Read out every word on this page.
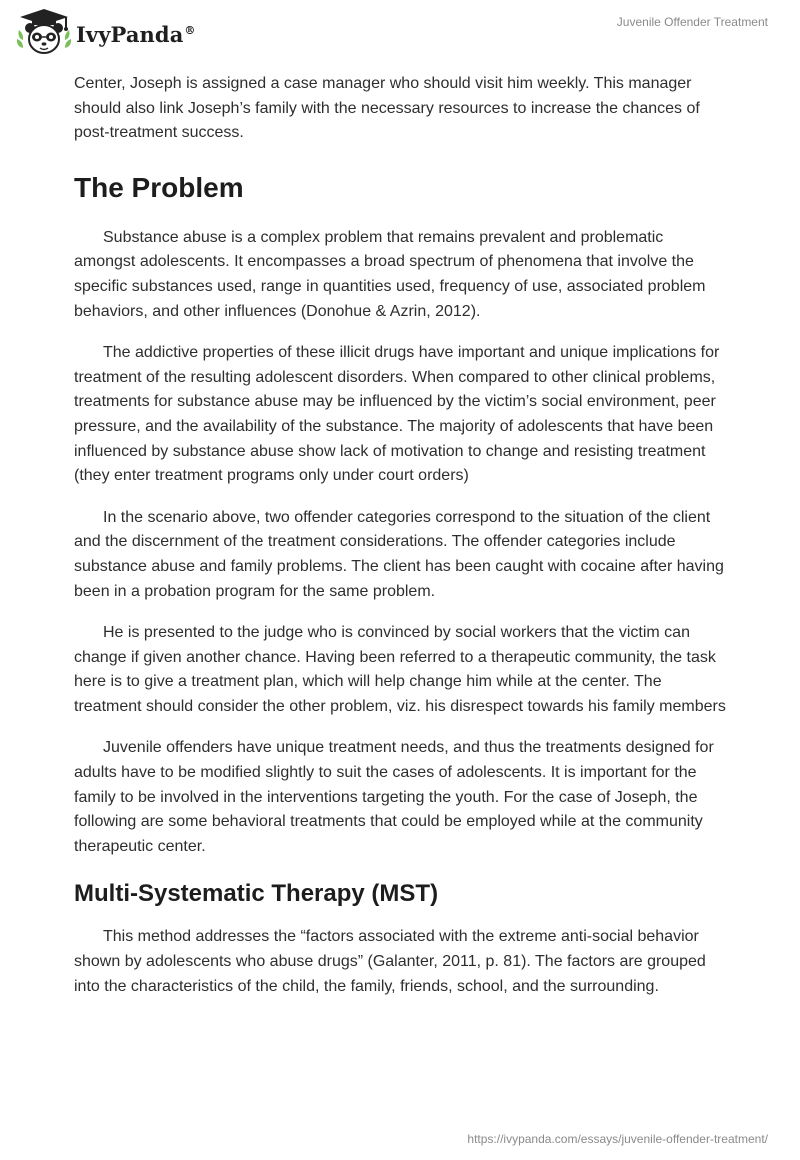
IvyPanda®
Juvenile Offender Treatment

Center, Joseph is assigned a case manager who should visit him weekly. This manager should also link Joseph’s family with the necessary resources to increase the chances of post-treatment success.

The Problem

Substance abuse is a complex problem that remains prevalent and problematic amongst adolescents. It encompasses a broad spectrum of phenomena that involve the specific substances used, range in quantities used, frequency of use, associated problem behaviors, and other influences (Donohue & Azrin, 2012).

The addictive properties of these illicit drugs have important and unique implications for treatment of the resulting adolescent disorders. When compared to other clinical problems, treatments for substance abuse may be influenced by the victim’s social environment, peer pressure, and the availability of the substance. The majority of adolescents that have been influenced by substance abuse show lack of motivation to change and resisting treatment (they enter treatment programs only under court orders)

In the scenario above, two offender categories correspond to the situation of the client and the discernment of the treatment considerations. The offender categories include substance abuse and family problems. The client has been caught with cocaine after having been in a probation program for the same problem.

He is presented to the judge who is convinced by social workers that the victim can change if given another chance. Having been referred to a therapeutic community, the task here is to give a treatment plan, which will help change him while at the center. The treatment should consider the other problem, viz. his disrespect towards his family members

Juvenile offenders have unique treatment needs, and thus the treatments designed for adults have to be modified slightly to suit the cases of adolescents. It is important for the family to be involved in the interventions targeting the youth. For the case of Joseph, the following are some behavioral treatments that could be employed while at the community therapeutic center.

Multi-Systematic Therapy (MST)

This method addresses the “factors associated with the extreme anti-social behavior shown by adolescents who abuse drugs” (Galanter, 2011, p. 81). The factors are grouped into the characteristics of the child, the family, friends, school, and the surrounding.

https://ivypanda.com/essays/juvenile-offender-treatment/
